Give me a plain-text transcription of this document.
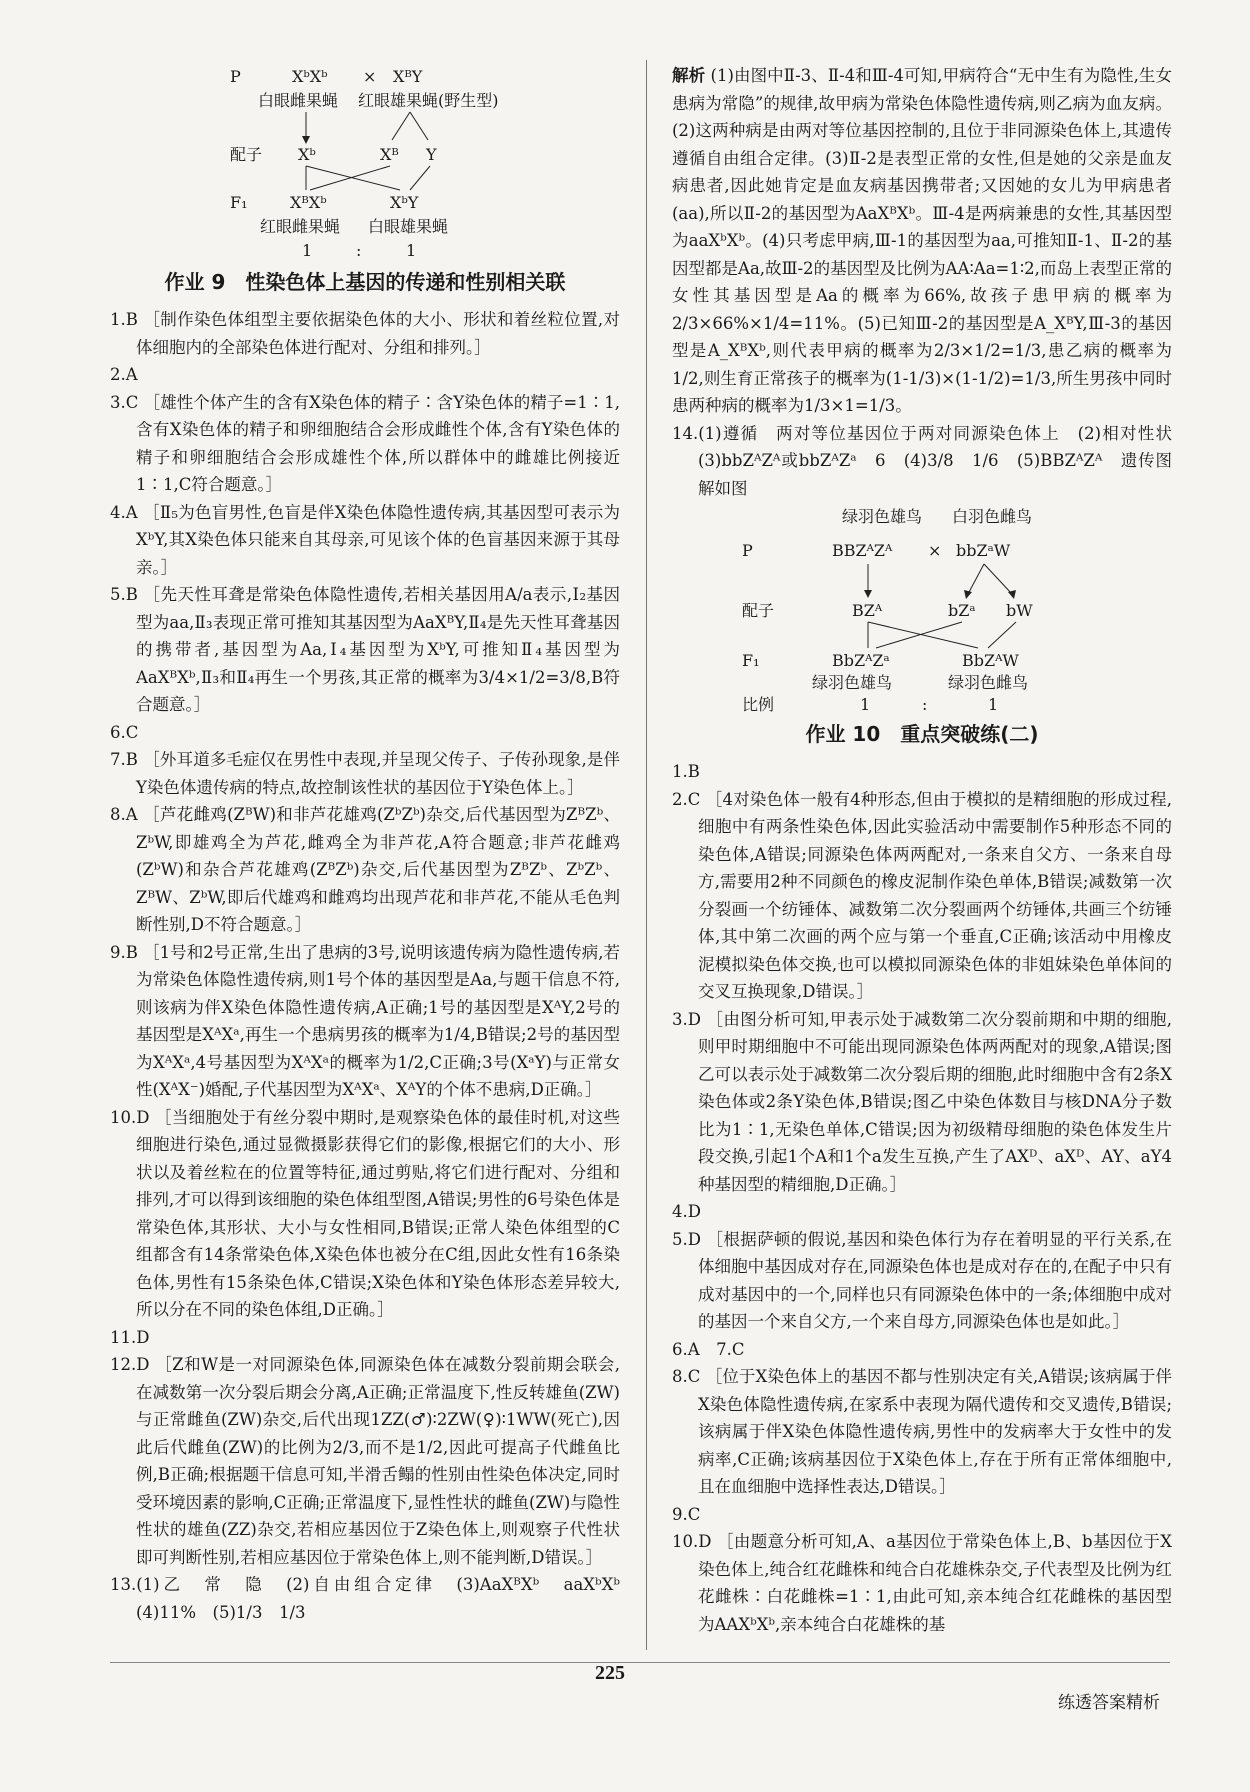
P	XᵇXᵇ × XᴮY
白眼雌果蝇 红眼雄果蝇(野生型)
配子 Xᵇ	Xᴮ Y
F₁	XᴮXᵇ	XᵇY
红眼雌果蝇 白眼雄果蝇
1	:	1
作业 9　性染色体上基因的传递和性别相关联

1.B ［制作染色体组型主要依据染色体的大小、形状和着丝粒位置,对体细胞内的全部染色体进行配对、分组和排列。］

2.A

3.C ［雄性个体产生的含有X染色体的精子∶含Y染色体的精子=1∶1,含有X染色体的精子和卵细胞结合会形成雌性个体,含有Y染色体的精子和卵细胞结合会形成雄性个体,所以群体中的雌雄比例接近1∶1,C符合题意。］

4.A ［Ⅱ₅为色盲男性,色盲是伴X染色体隐性遗传病,其基因型可表示为XᵇY,其X染色体只能来自其母亲,可见该个体的色盲基因来源于其母亲。］

5.B ［先天性耳聋是常染色体隐性遗传,若相关基因用A/a表示,Ⅰ₂基因型为aa,Ⅱ₃表现正常可推知其基因型为AaXᴮY,Ⅱ₄是先天性耳聋基因的携带者,基因型为Aa,Ⅰ₄基因型为XᵇY,可推知Ⅱ₄基因型为AaXᴮXᵇ,Ⅱ₃和Ⅱ₄再生一个男孩,其正常的概率为3/4×1/2=3/8,B符合题意。］

6.C

7.B ［外耳道多毛症仅在男性中表现,并呈现父传子、子传孙现象,是伴Y染色体遗传病的特点,故控制该性状的基因位于Y染色体上。］

8.A ［芦花雌鸡(ZᴮW)和非芦花雄鸡(ZᵇZᵇ)杂交,后代基因型为ZᴮZᵇ、ZᵇW,即雄鸡全为芦花,雌鸡全为非芦花,A符合题意;非芦花雌鸡(ZᵇW)和杂合芦花雄鸡(ZᴮZᵇ)杂交,后代基因型为ZᴮZᵇ、ZᵇZᵇ、ZᴮW、ZᵇW,即后代雄鸡和雌鸡均出现芦花和非芦花,不能从毛色判断性别,D不符合题意。］

9.B ［1号和2号正常,生出了患病的3号,说明该遗传病为隐性遗传病,若为常染色体隐性遗传病,则1号个体的基因型是Aa,与题干信息不符,则该病为伴X染色体隐性遗传病,A正确;1号的基因型是XᴬY,2号的基因型是XᴬXᵃ,再生一个患病男孩的概率为1/4,B错误;2号的基因型为XᴬXᵃ,4号基因型为XᴬXᵃ的概率为1/2,C正确;3号(XᵃY)与正常女性(XᴬX⁻)婚配,子代基因型为XᴬXᵃ、XᴬY的个体不患病,D正确。］

10.D ［当细胞处于有丝分裂中期时,是观察染色体的最佳时机,对这些细胞进行染色,通过显微摄影获得它们的影像,根据它们的大小、形状以及着丝粒在的位置等特征,通过剪贴,将它们进行配对、分组和排列,才可以得到该细胞的染色体组型图,A错误;男性的6号染色体是常染色体,其形状、大小与女性相同,B错误;正常人染色体组型的C组都含有14条常染色体,X染色体也被分在C组,因此女性有16条染色体,男性有15条染色体,C错误;X染色体和Y染色体形态差异较大,所以分在不同的染色体组,D正确。］

11.D

12.D ［Z和W是一对同源染色体,同源染色体在减数分裂前期会联会,在减数第一次分裂后期会分离,A正确;正常温度下,性反转雄鱼(ZW)与正常雌鱼(ZW)杂交,后代出现1ZZ(♂)∶2ZW(♀)∶1WW(死亡),因此后代雌鱼(ZW)的比例为2/3,而不是1/2,因此可提高子代雌鱼比例,B正确;根据题干信息可知,半滑舌鳎的性别由性染色体决定,同时受环境因素的影响,C正确;正常温度下,显性性状的雌鱼(ZW)与隐性性状的雄鱼(ZZ)杂交,若相应基因位于Z染色体上,则观察子代性状即可判断性别,若相应基因位于常染色体上,则不能判断,D错误。］

13.(1)乙　常　隐　(2)自由组合定律　(3)AaXᴮXᵇ　aaXᵇXᵇ　(4)11%　(5)1/3　1/3

解析 (1)由图中Ⅱ-3、Ⅱ-4和Ⅲ-4可知,甲病符合“无中生有为隐性,生女患病为常隐”的规律,故甲病为常染色体隐性遗传病,则乙病为血友病。(2)这两种病是由两对等位基因控制的,且位于非同源染色体上,其遗传遵循自由组合定律。(3)Ⅱ-2是表型正常的女性,但是她的父亲是血友病患者,因此她肯定是血友病基因携带者;又因她的女儿为甲病患者(aa),所以Ⅱ-2的基因型为AaXᴮXᵇ。Ⅲ-4是两病兼患的女性,其基因型为aaXᵇXᵇ。(4)只考虑甲病,Ⅲ-1的基因型为aa,可推知Ⅱ-1、Ⅱ-2的基因型都是Aa,故Ⅲ-2的基因型及比例为AA∶Aa=1∶2,而岛上表型正常的女性其基因型是Aa的概率为66%,故孩子患甲病的概率为2/3×66%×1/4=11%。(5)已知Ⅲ-2的基因型是A_XᴮY,Ⅲ-3的基因型是A_XᴮXᵇ,则代表甲病的概率为2/3×1/2=1/3,患乙病的概率为1/2,则生育正常孩子的概率为(1-1/3)×(1-1/2)=1/3,所生男孩中同时患两种病的概率为1/3×1=1/3。

14.(1)遵循　两对等位基因位于两对同源染色体上　(2)相对性状　(3)bbZᴬZᴬ或bbZᴬZᵃ　6　(4)3/8　1/6　(5)BBZᴬZᴬ　遗传图解如图

绿羽色雄鸟 白羽色雌鸟
P	BBZᴬZᴬ × bbZᵃW
配子	BZᴬ	bZᵃ bW
F₁	BbZᴬZᵃ	BbZᴬW
绿羽色雄鸟	绿羽色雌鸟
比例	1	:	1
作业 10　重点突破练(二)

1.B

2.C ［4对染色体一般有4种形态,但由于模拟的是精细胞的形成过程,细胞中有两条性染色体,因此实验活动中需要制作5种形态不同的染色体,A错误;同源染色体两两配对,一条来自父方、一条来自母方,需要用2种不同颜色的橡皮泥制作染色单体,B错误;减数第一次分裂画一个纺锤体、减数第二次分裂画两个纺锤体,共画三个纺锤体,其中第二次画的两个应与第一个垂直,C正确;该活动中用橡皮泥模拟染色体交换,也可以模拟同源染色体的非姐妹染色单体间的交叉互换现象,D错误。］

3.D ［由图分析可知,甲表示处于减数第二次分裂前期和中期的细胞,则甲时期细胞中不可能出现同源染色体两两配对的现象,A错误;图乙可以表示处于减数第二次分裂后期的细胞,此时细胞中含有2条X染色体或2条Y染色体,B错误;图乙中染色体数目与核DNA分子数比为1∶1,无染色单体,C错误;因为初级精母细胞的染色体发生片段交换,引起1个A和1个a发生互换,产生了AXᴰ、aXᴰ、AY、aY4种基因型的精细胞,D正确。］

4.D

5.D ［根据萨顿的假说,基因和染色体行为存在着明显的平行关系,在体细胞中基因成对存在,同源染色体也是成对存在的,在配子中只有成对基因中的一个,同样也只有同源染色体中的一条;体细胞中成对的基因一个来自父方,一个来自母方,同源染色体也是如此。］

6.A　7.C

8.C ［位于X染色体上的基因不都与性别决定有关,A错误;该病属于伴X染色体隐性遗传病,在家系中表现为隔代遗传和交叉遗传,B错误;该病属于伴X染色体隐性遗传病,男性中的发病率大于女性中的发病率,C正确;该病基因位于X染色体上,存在于所有正常体细胞中,且在血细胞中选择性表达,D错误。］

9.C

10.D ［由题意分析可知,A、a基因位于常染色体上,B、b基因位于X染色体上,纯合红花雌株和纯合白花雄株杂交,子代表型及比例为红花雌株∶白花雌株=1∶1,由此可知,亲本纯合红花雌株的基因型为AAXᵇXᵇ,亲本纯合白花雄株的基

225
练透答案精析
